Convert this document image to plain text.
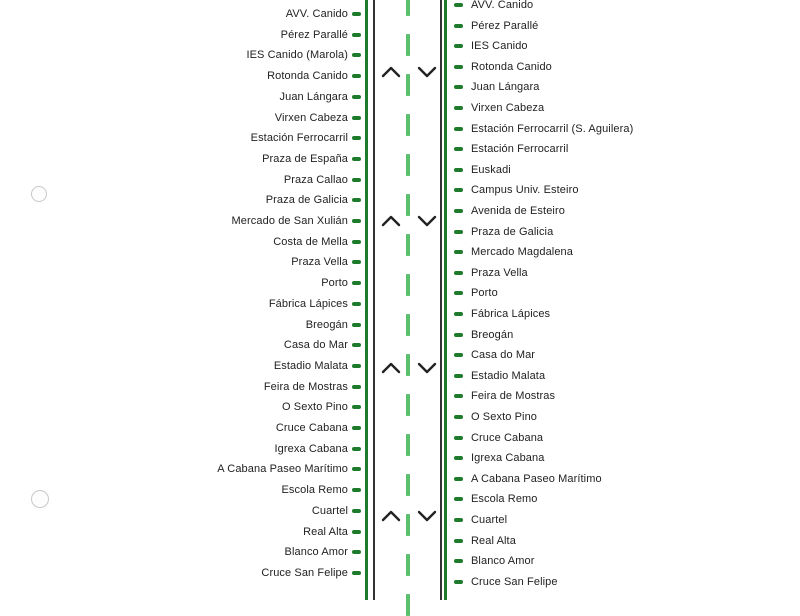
AVV. Canido
Pérez Parallé
IES Canido (Marola)
Rotonda Canido
Juan Lángara
Virxen Cabeza
Estación Ferrocarril
Praza de España
Praza Callao
Praza de Galicia
Mercado de San Xulián
Costa de Mella
Praza Vella
Porto
Fábrica Lápices
Breogán
Casa do Mar
Estadio Malata
Feira de Mostras
O Sexto Pino
Cruce Cabana
Igrexa Cabana
A Cabana Paseo Marítimo
Escola Remo
Cuartel
Real Alta
Blanco Amor
Cruce San Felipe
AVV. Canido
Pérez Parallé
IES Canido
Rotonda Canido
Juan Lángara
Virxen Cabeza
Estación Ferrocarril (S. Aguilera)
Estación Ferrocarril
Euskadi
Campus Univ. Esteiro
Avenida de Esteiro
Praza de Galicia
Mercado Magdalena
Praza Vella
Porto
Fábrica Lápices
Breogán
Casa do Mar
Estadio Malata
Feira de Mostras
O Sexto Pino
Cruce Cabana
Igrexa Cabana
A Cabana Paseo Marítimo
Escola Remo
Cuartel
Real Alta
Blanco Amor
Cruce San Felipe
